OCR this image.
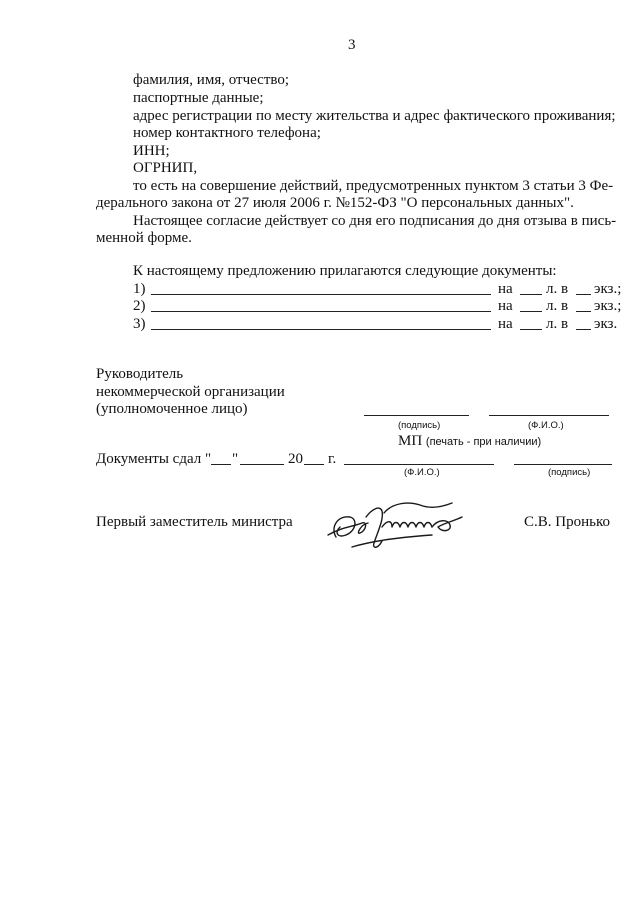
3
фамилия, имя, отчество;
паспортные данные;
адрес регистрации по месту жительства и адрес фактического проживания;
номер контактного телефона;
ИНН;
ОГРНИП,
то есть на совершение действий, предусмотренных пунктом 3 статьи 3 Фе-
дерального закона от 27 июля 2006 г. №152-ФЗ "О персональных данных".
Настоящее согласие действует со дня его подписания до дня отзыва в пись-
менной форме.
К настоящему предложению прилагаются следующие документы:
1)	на л. в экз.;
2)	на л. в экз.;
3)	на л. в экз.
Руководитель
некоммерческой организации
(уполномоченное лицо)
(подпись)	(Ф.И.О.)
МП (печать - при наличии)
Документы сдал " "	20 г.
(Ф.И.О.)	(подпись)
Первый заместитель министра	С.В. Пронько
